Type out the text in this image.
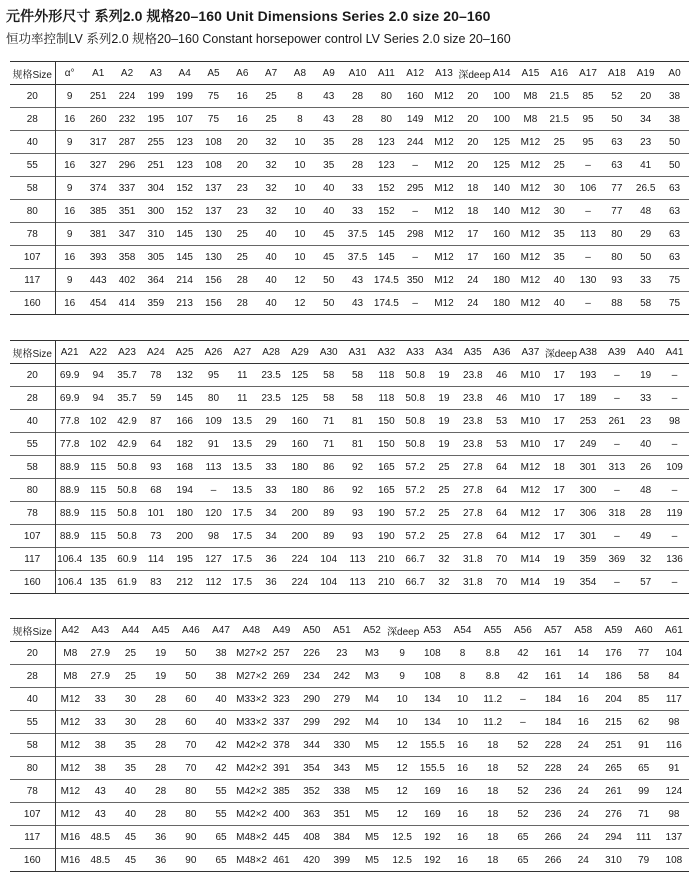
元件外形尺寸 系列2.0 规格20–160 Unit Dimensions Series 2.0 size 20–160
恒功率控制LV 系列2.0 规格20–160 Constant horsepower control LV Series 2.0 size 20–160
规格Size	α°	A1	A2	A3	A4	A5	A6	A7	A8	A9	A10	A11	A12	A13	深deep	A14	A15	A16	A17	A18	A19	A0
20	9	251	224	199	199	75	16	25	8	43	28	80	160	M12	20	100	M8	21.5	85	52	20	38
28	16	260	232	195	107	75	16	25	8	43	28	80	149	M12	20	100	M8	21.5	95	50	34	38
40	9	317	287	255	123	108	20	32	10	35	28	123	244	M12	20	125	M12	25	95	63	23	50
55	16	327	296	251	123	108	20	32	10	35	28	123	–	M12	20	125	M12	25	–	63	41	50
58	9	374	337	304	152	137	23	32	10	40	33	152	295	M12	18	140	M12	30	106	77	26.5	63
80	16	385	351	300	152	137	23	32	10	40	33	152	–	M12	18	140	M12	30	–	77	48	63
78	9	381	347	310	145	130	25	40	10	45	37.5	145	298	M12	17	160	M12	35	113	80	29	63
107	16	393	358	305	145	130	25	40	10	45	37.5	145	–	M12	17	160	M12	35	–	80	50	63
117	9	443	402	364	214	156	28	40	12	50	43	174.5	350	M12	24	180	M12	40	130	93	33	75
160	16	454	414	359	213	156	28	40	12	50	43	174.5	–	M12	24	180	M12	40	–	88	58	75
规格Size	A21	A22	A23	A24	A25	A26	A27	A28	A29	A30	A31	A32	A33	A34	A35	A36	A37	深deep	A38	A39	A40	A41
20	69.9	94	35.7	78	132	95	11	23.5	125	58	58	118	50.8	19	23.8	46	M10	17	193	–	19	–
28	69.9	94	35.7	59	145	80	11	23.5	125	58	58	118	50.8	19	23.8	46	M10	17	189	–	33	–
40	77.8	102	42.9	87	166	109	13.5	29	160	71	81	150	50.8	19	23.8	53	M10	17	253	261	23	98
55	77.8	102	42.9	64	182	91	13.5	29	160	71	81	150	50.8	19	23.8	53	M10	17	249	–	40	–
58	88.9	115	50.8	93	168	113	13.5	33	180	86	92	165	57.2	25	27.8	64	M12	18	301	313	26	109
80	88.9	115	50.8	68	194	–	13.5	33	180	86	92	165	57.2	25	27.8	64	M12	17	300	–	48	–
78	88.9	115	50.8	101	180	120	17.5	34	200	89	93	190	57.2	25	27.8	64	M12	17	306	318	28	119
107	88.9	115	50.8	73	200	98	17.5	34	200	89	93	190	57.2	25	27.8	64	M12	17	301	–	49	–
117	106.4	135	60.9	114	195	127	17.5	36	224	104	113	210	66.7	32	31.8	70	M14	19	359	369	32	136
160	106.4	135	61.9	83	212	112	17.5	36	224	104	113	210	66.7	32	31.8	70	M14	19	354	–	57	–
规格Size	A42	A43	A44	A45	A46	A47	A48	A49	A50	A51	A52	深deep	A53	A54	A55	A56	A57	A58	A59	A60	A61
20	M8	27.9	25	19	50	38	M27×2	257	226	23	M3	9	108	8	8.8	42	161	14	176	77	104
28	M8	27.9	25	19	50	38	M27×2	269	234	242	M3	9	108	8	8.8	42	161	14	186	58	84
40	M12	33	30	28	60	40	M33×2	323	290	279	M4	10	134	10	11.2	–	184	16	204	85	117
55	M12	33	30	28	60	40	M33×2	337	299	292	M4	10	134	10	11.2	–	184	16	215	62	98
58	M12	38	35	28	70	42	M42×2	378	344	330	M5	12	155.5	16	18	52	228	24	251	91	116
80	M12	38	35	28	70	42	M42×2	391	354	343	M5	12	155.5	16	18	52	228	24	265	65	91
78	M12	43	40	28	80	55	M42×2	385	352	338	M5	12	169	16	18	52	236	24	261	99	124
107	M12	43	40	28	80	55	M42×2	400	363	351	M5	12	169	16	18	52	236	24	276	71	98
117	M16	48.5	45	36	90	65	M48×2	445	408	384	M5	12.5	192	16	18	65	266	24	294	111	137
160	M16	48.5	45	36	90	65	M48×2	461	420	399	M5	12.5	192	16	18	65	266	24	310	79	108
